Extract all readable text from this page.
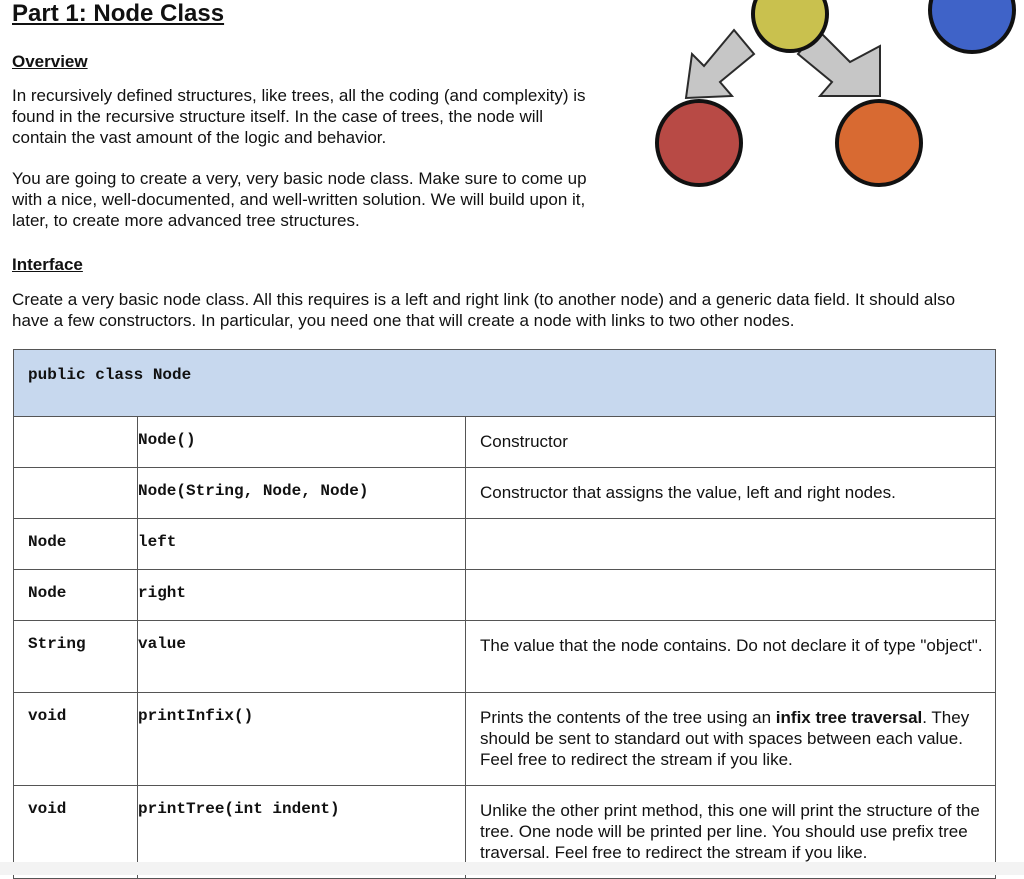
Part 1: Node Class
Overview

In recursively defined structures, like trees, all the coding (and complexity) is
found in the recursive structure itself. In the case of trees, the node will
contain the vast amount of the logic and behavior.

You are going to create a very, very basic node class. Make sure to come up
with a nice, well-documented, and well-written solution. We will build upon it,
later, to create more advanced tree structures.

Interface

Create a very basic node class. All this requires is a left and right link (to another node) and a generic data field. It should also
have a few constructors. In particular, you need one that will create a node with links to two other nodes.

public class Node		
	Node()	Constructor
	Node(String, Node, Node)	Constructor that assigns the value, left and right nodes.
Node	left	
Node	right	
String	value	The value that the node contains. Do not declare it of type "object".
void	printInfix()	Prints the contents of the tree using an infix tree traversal. They should be sent to standard out with spaces between each value. Feel free to redirect the stream if you like.
void	printTree(int indent)	Unlike the other print method, this one will print the structure of the tree. One node will be printed per line. You should use prefix tree traversal. Feel free to redirect the stream if you like.
